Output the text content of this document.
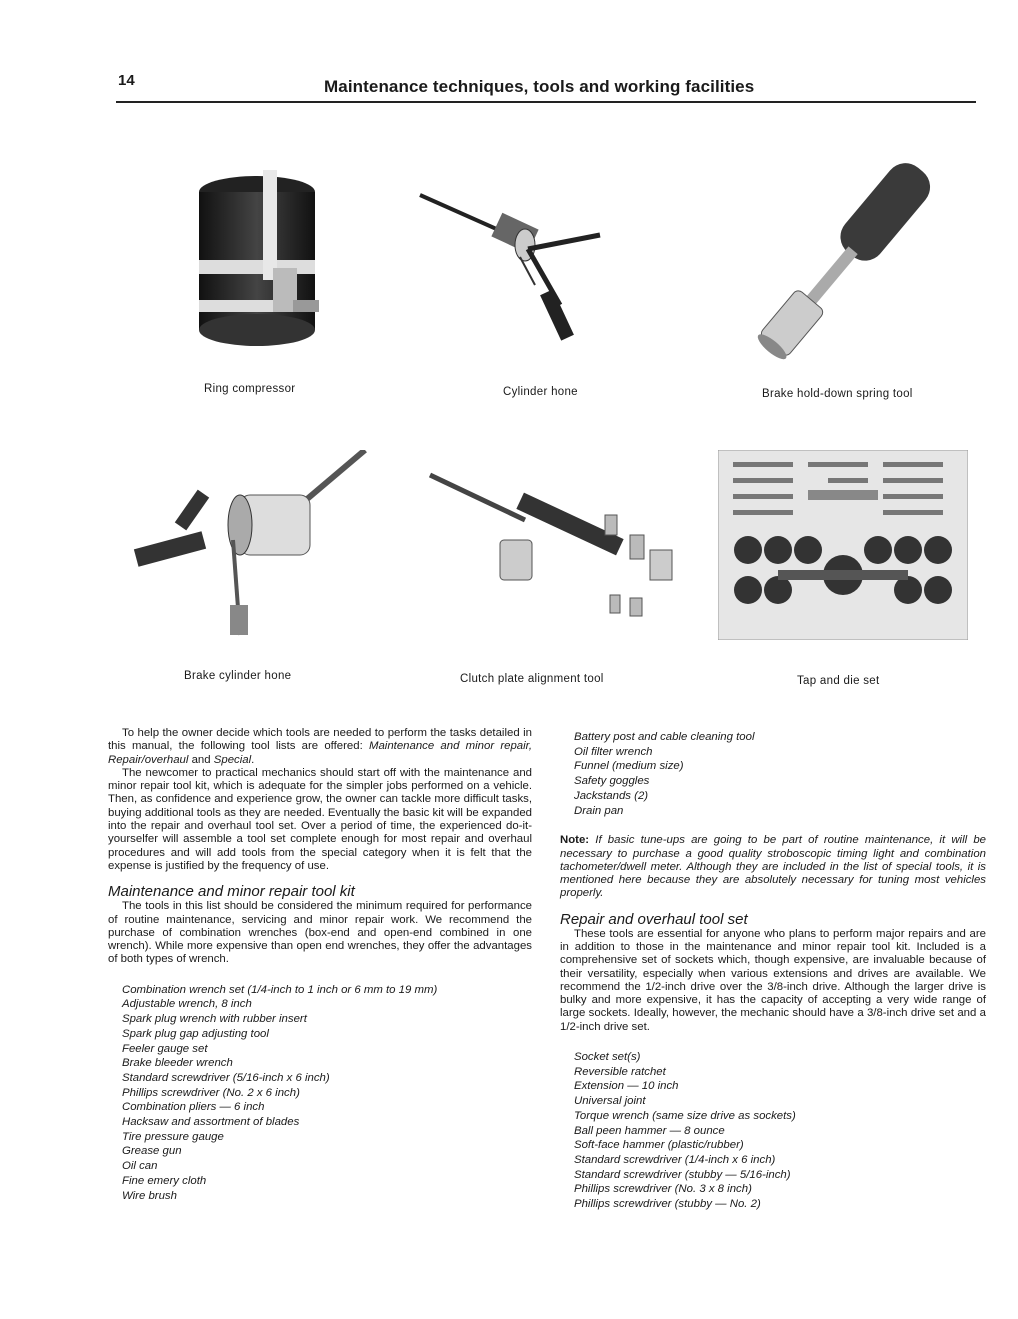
14	Maintenance techniques, tools and working facilities
Ring compressor	Cylinder hone	Brake hold-down spring tool
Brake cylinder hone	Clutch plate alignment tool	Tap and die set

To help the owner decide which tools are needed to perform the tasks detailed in this manual, the following tool lists are offered: Maintenance and minor repair, Repair/overhaul and Special.

The newcomer to practical mechanics should start off with the maintenance and minor repair tool kit, which is adequate for the simpler jobs performed on a vehicle. Then, as confidence and experience grow, the owner can tackle more difficult tasks, buying additional tools as they are needed. Eventually the basic kit will be expanded into the repair and overhaul tool set. Over a period of time, the experienced do-it-yourselfer will assemble a tool set complete enough for most repair and overhaul procedures and will add tools from the special category when it is felt that the expense is justified by the frequency of use.

Maintenance and minor repair tool kit

The tools in this list should be considered the minimum required for performance of routine maintenance, servicing and minor repair work. We recommend the purchase of combination wrenches (box-end and open-end combined in one wrench). While more expensive than open end wrenches, they offer the advantages of both types of wrench.

Combination wrench set (1/4-inch to 1 inch or 6 mm to 19 mm)
Adjustable wrench, 8 inch
Spark plug wrench with rubber insert
Spark plug gap adjusting tool
Feeler gauge set
Brake bleeder wrench
Standard screwdriver (5/16-inch x 6 inch)
Phillips screwdriver (No. 2 x 6 inch)
Combination pliers — 6 inch
Hacksaw and assortment of blades
Tire pressure gauge
Grease gun
Oil can
Fine emery cloth
Wire brush
Battery post and cable cleaning tool
Oil filter wrench
Funnel (medium size)
Safety goggles
Jackstands (2)
Drain pan

Note: If basic tune-ups are going to be part of routine maintenance, it will be necessary to purchase a good quality stroboscopic timing light and combination tachometer/dwell meter. Although they are included in the list of special tools, it is mentioned here because they are absolutely necessary for tuning most vehicles properly.

Repair and overhaul tool set

These tools are essential for anyone who plans to perform major repairs and are in addition to those in the maintenance and minor repair tool kit. Included is a comprehensive set of sockets which, though expensive, are invaluable because of their versatility, especially when various extensions and drives are available. We recommend the 1/2-inch drive over the 3/8-inch drive. Although the larger drive is bulky and more expensive, it has the capacity of accepting a very wide range of large sockets. Ideally, however, the mechanic should have a 3/8-inch drive set and a 1/2-inch drive set.

Socket set(s)
Reversible ratchet
Extension — 10 inch
Universal joint
Torque wrench (same size drive as sockets)
Ball peen hammer — 8 ounce
Soft-face hammer (plastic/rubber)
Standard screwdriver (1/4-inch x 6 inch)
Standard screwdriver (stubby — 5/16-inch)
Phillips screwdriver (No. 3 x 8 inch)
Phillips screwdriver (stubby — No. 2)
